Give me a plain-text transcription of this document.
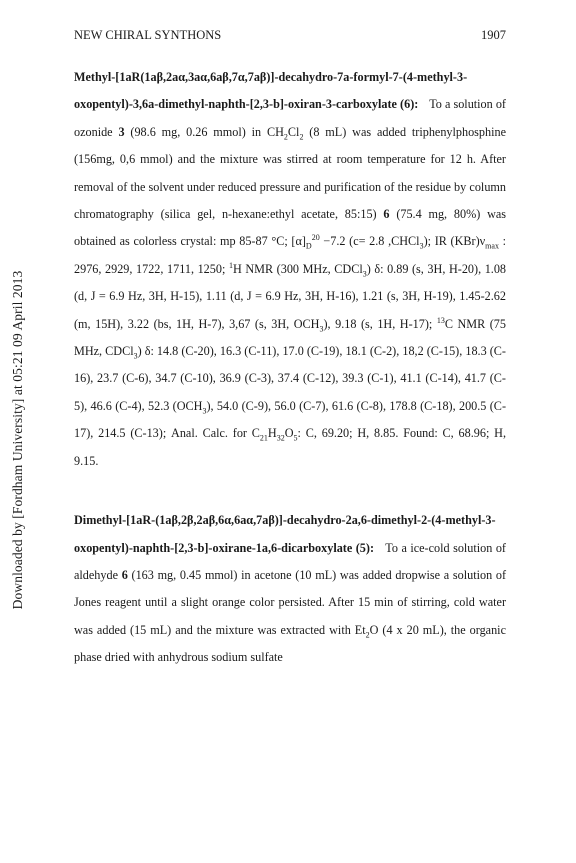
Downloaded by [Fordham University] at 05:21 09 April 2013
NEW CHIRAL SYNTHONS	1907

Methyl-[1aR(1aβ,2aα,3aα,6aβ,7α,7aβ)]-decahydro-7a-formyl-7-(4-methyl-3-oxopentyl)-3,6a-dimethyl-naphth-[2,3-b]-oxiran-3-carboxylate (6): To a solution of ozonide 3 (98.6 mg, 0.26 mmol) in $CH_2Cl_2$ (8 mL) was added triphenylphosphine (156mg, 0,6 mmol) and the mixture was stirred at room temperature for 12 h. After removal of the solvent under reduced pressure and purification of the residue by column chromatography (silica gel, n-hexane:ethyl acetate, 85:15) 6 (75.4 mg, 80%) was obtained as colorless crystal: mp 85-87 °C; $[\alpha]_D^{20} -7.2$ (c= 2.8 ,CHCl$_3$); IR $(KBr)\nu_{max}$ : 2976, 2929, 1722, 1711, 1250; $^1$H NMR (300 MHz, CDCl$_3$) δ: 0.89 (s, 3H, H-20), 1.08 (d, J = 6.9 Hz, 3H, H-15), 1.11 (d, J = 6.9 Hz, 3H, H-16), 1.21 (s, 3H, H-19), 1.45-2.62 (m, 15H), 3.22 (bs, 1H, H-7), 3,67 (s, 3H, $OCH_3$), 9.18 (s, 1H, H-17); $^{13}$C NMR (75 MHz, CDCl$_3$) δ: 14.8 (C-20), 16.3 (C-11), 17.0 (C-19), 18.1 (C-2), 18,2 (C-15), 18.3 (C-16), 23.7 (C-6), 34.7 (C-10), 36.9 (C-3), 37.4 (C-12), 39.3 (C-1), 41.1 (C-14), 41.7 (C-5), 46.6 (C-4), 52.3 $(OCH_3)$, 54.0 (C-9), 56.0 (C-7), 61.6 (C-8), 178.8 (C-18), 200.5 (C-17), 214.5 (C-13); Anal. Calc. for $C_{21}H_{32}O_5$: C, 69.20; H, 8.85. Found: C, 68.96; H, 9.15.

Dimethyl-[1aR-(1aβ,2β,2aβ,6α,6aα,7aβ)]-decahydro-2a,6-dimethyl-2-(4-methyl-3-oxopentyl)-naphth-[2,3-b]-oxirane-1a,6-dicarboxylate (5): To a ice-cold solution of aldehyde 6 (163 mg, 0.45 mmol) in acetone (10 mL) was added dropwise a solution of Jones reagent until a slight orange color persisted. After 15 min of stirring, cold water was added (15 mL) and the mixture was extracted with $Et_2O$ (4 x 20 mL), the organic phase dried with anhydrous sodium sulfate
